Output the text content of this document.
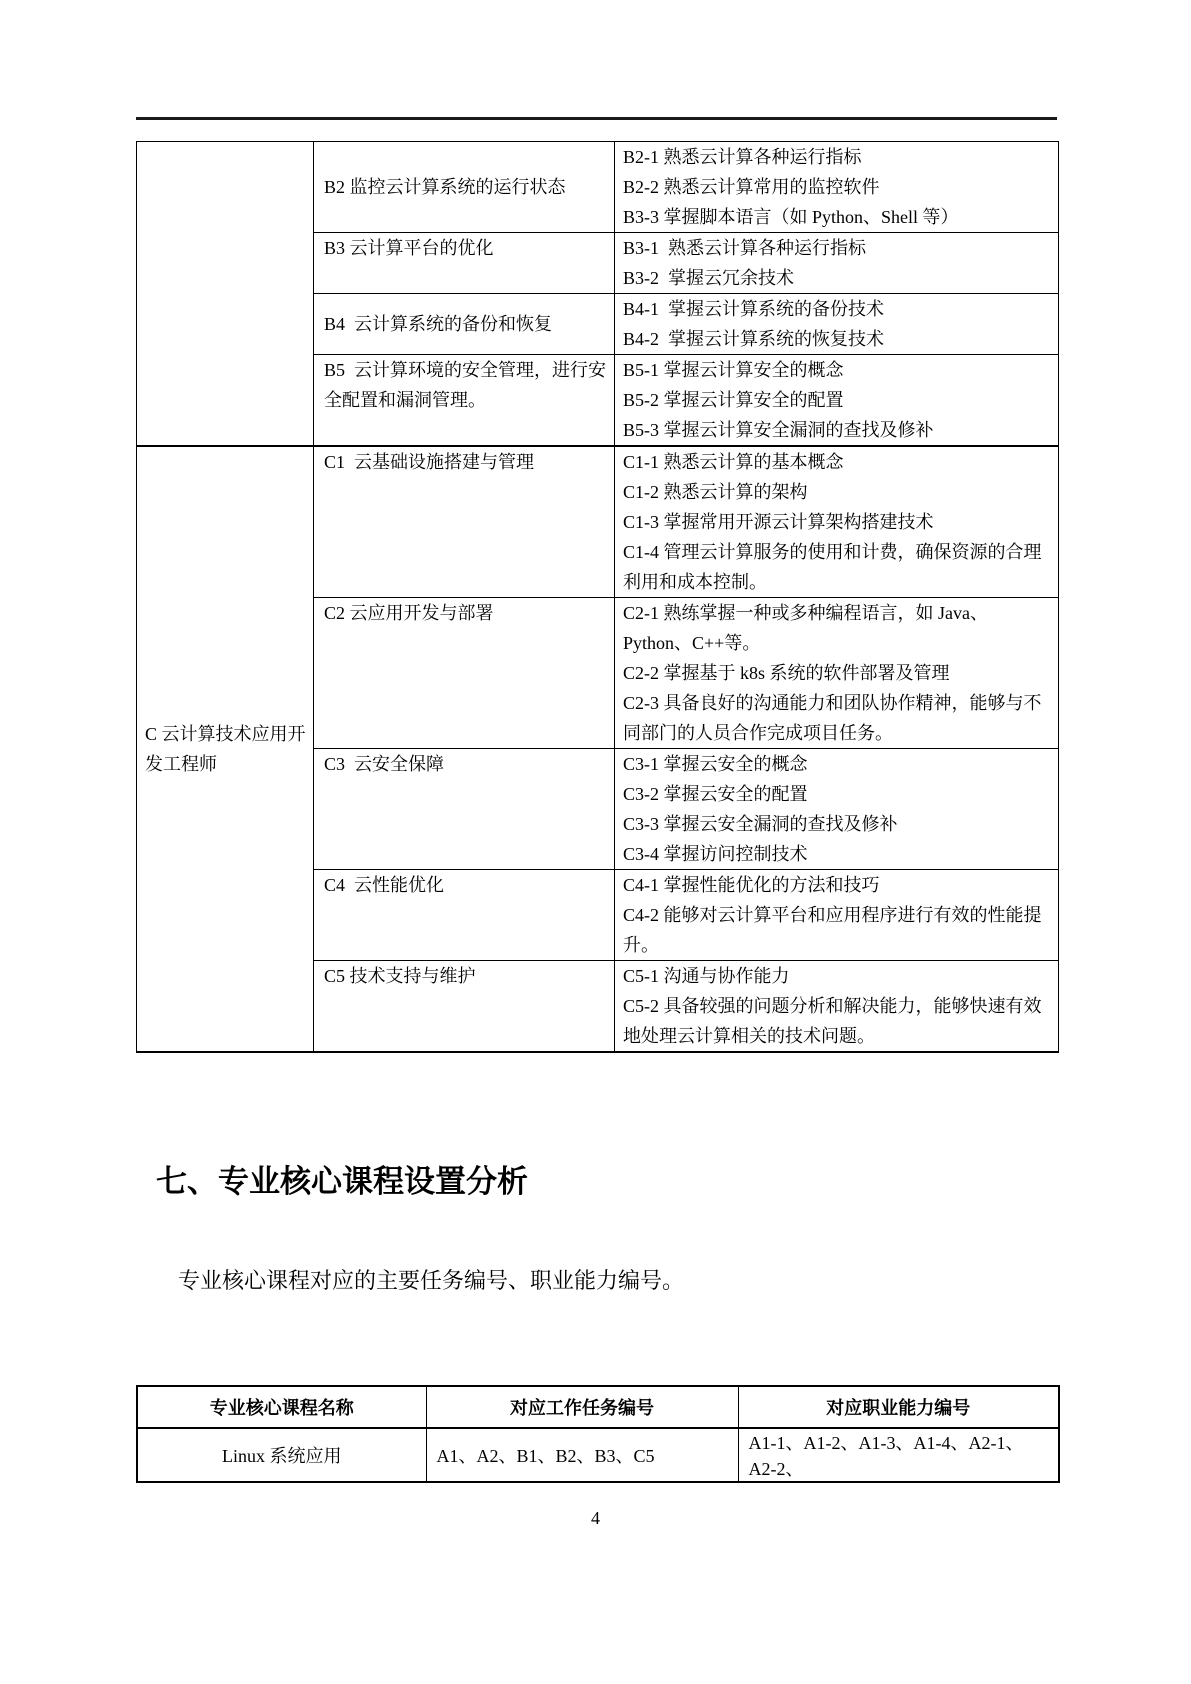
	B2 监控云计算系统的运行状态	B2-1 熟悉云计算各种运行指标
B2-2 熟悉云计算常用的监控软件
B3-3 掌握脚本语言（如 Python、Shell 等）

	B3 云计算平台的优化	B3-1  熟悉云计算各种运行指标
B3-2  掌握云冗余技术

	B4  云计算系统的备份和恢复	B4-1  掌握云计算系统的备份技术
B4-2  掌握云计算系统的恢复技术

	B5  云计算环境的安全管理，进行安全配置和漏洞管理。	B5-1 掌握云计算安全的概念
B5-2 掌握云计算安全的配置
B5-3 掌握云计算安全漏洞的查找及修补

C 云计算技术应用开发工程师	C1  云基础设施搭建与管理	C1-1 熟悉云计算的基本概念
C1-2 熟悉云计算的架构
C1-3 掌握常用开源云计算架构搭建技术
C1-4 管理云计算服务的使用和计费，确保资源的合理利用和成本控制。

	C2 云应用开发与部署	C2-1 熟练掌握一种或多种编程语言，如 Java、Python、C++等。
C2-2 掌握基于 k8s 系统的软件部署及管理
C2-3 具备良好的沟通能力和团队协作精神，能够与不同部门的人员合作完成项目任务。

	C3  云安全保障	C3-1 掌握云安全的概念
C3-2 掌握云安全的配置
C3-3 掌握云安全漏洞的查找及修补
C3-4 掌握访问控制技术

	C4  云性能优化	C4-1 掌握性能优化的方法和技巧
C4-2 能够对云计算平台和应用程序进行有效的性能提升。

	C5 技术支持与维护	C5-1 沟通与协作能力
C5-2 具备较强的问题分析和解决能力，能够快速有效地处理云计算相关的技术问题。
七、专业核心课程设置分析

专业核心课程对应的主要任务编号、职业能力编号。

专业核心课程名称	对应工作任务编号	对应职业能力编号
Linux 系统应用	A1、A2、B1、B2、B3、C5	A1-1、A1-2、A1-3、A1-4、A2-1、A2-2、
4
